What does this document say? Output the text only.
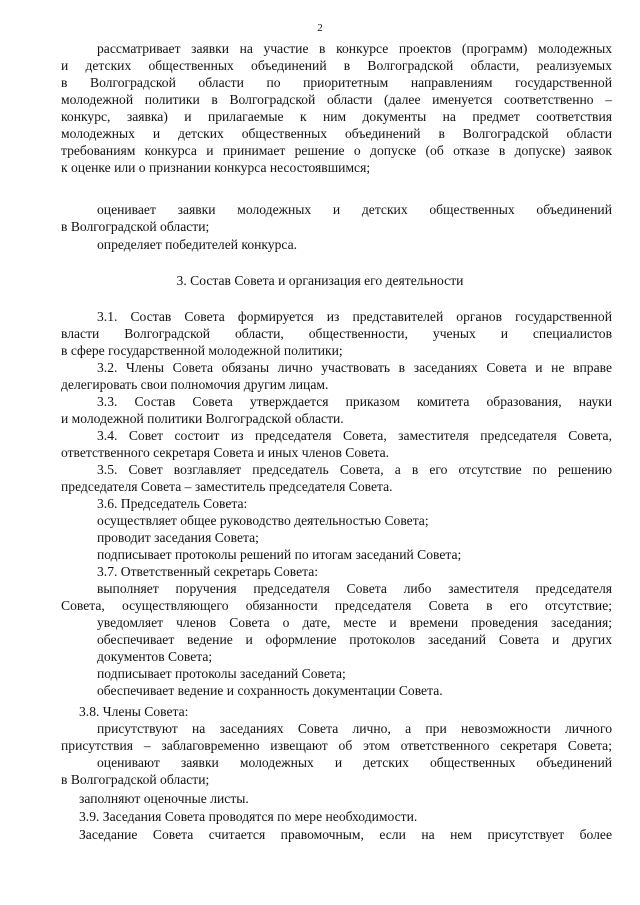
2
рассматривает заявки на участие в конкурсе проектов (программ) молодежных
и детских общественных объединений в Волгоградской области, реализуемых
в Волгоградской области по приоритетным направлениям государственной
молодежной политики в Волгоградской области (далее именуется соответственно –
конкурс, заявка) и прилагаемые к ним документы на предмет соответствия
молодежных и детских общественных объединений в Волгоградской области
требованиям конкурса и принимает решение о допуске (об отказе в допуске) заявок
к оценке или о признании конкурса несостоявшимся;
оценивает заявки молодежных и детских общественных объединений
в Волгоградской области;
определяет победителей конкурса.
3. Состав Совета и организация его деятельности
3.1. Состав Совета формируется из представителей органов государственной
власти Волгоградской области, общественности, ученых и специалистов
в сфере государственной молодежной политики;
3.2. Члены Совета обязаны лично участвовать в заседаниях Совета и не вправе
делегировать свои полномочия другим лицам.
3.3. Состав Совета утверждается приказом комитета образования, науки
и молодежной политики Волгоградской области.
3.4. Совет состоит из председателя Совета, заместителя председателя Совета,
ответственного секретаря Совета и иных членов Совета.
3.5. Совет возглавляет председатель Совета, а в его отсутствие по решению
председателя Совета – заместитель председателя Совета.
3.6. Председатель Совета:
осуществляет общее руководство деятельностью Совета;
проводит заседания Совета;
подписывает протоколы решений по итогам заседаний Совета;
3.7. Ответственный секретарь Совета:
выполняет поручения председателя Совета либо заместителя председателя
Совета, осуществляющего обязанности председателя Совета в его отсутствие;
уведомляет членов Совета о дате, месте и времени проведения заседания;
обеспечивает ведение и оформление протоколов заседаний Совета и других
документов Совета;
подписывает протоколы заседаний Совета;
обеспечивает ведение и сохранность документации Совета.
3.8. Члены Совета:
присутствуют на заседаниях Совета лично, а при невозможности личного
присутствия – заблаговременно извещают об этом ответственного секретаря Совета;
оценивают заявки молодежных и детских общественных объединений
в Волгоградской области;
заполняют оценочные листы.
3.9. Заседания Совета проводятся по мере необходимости.
Заседание Совета считается правомочным, если на нем присутствует более
